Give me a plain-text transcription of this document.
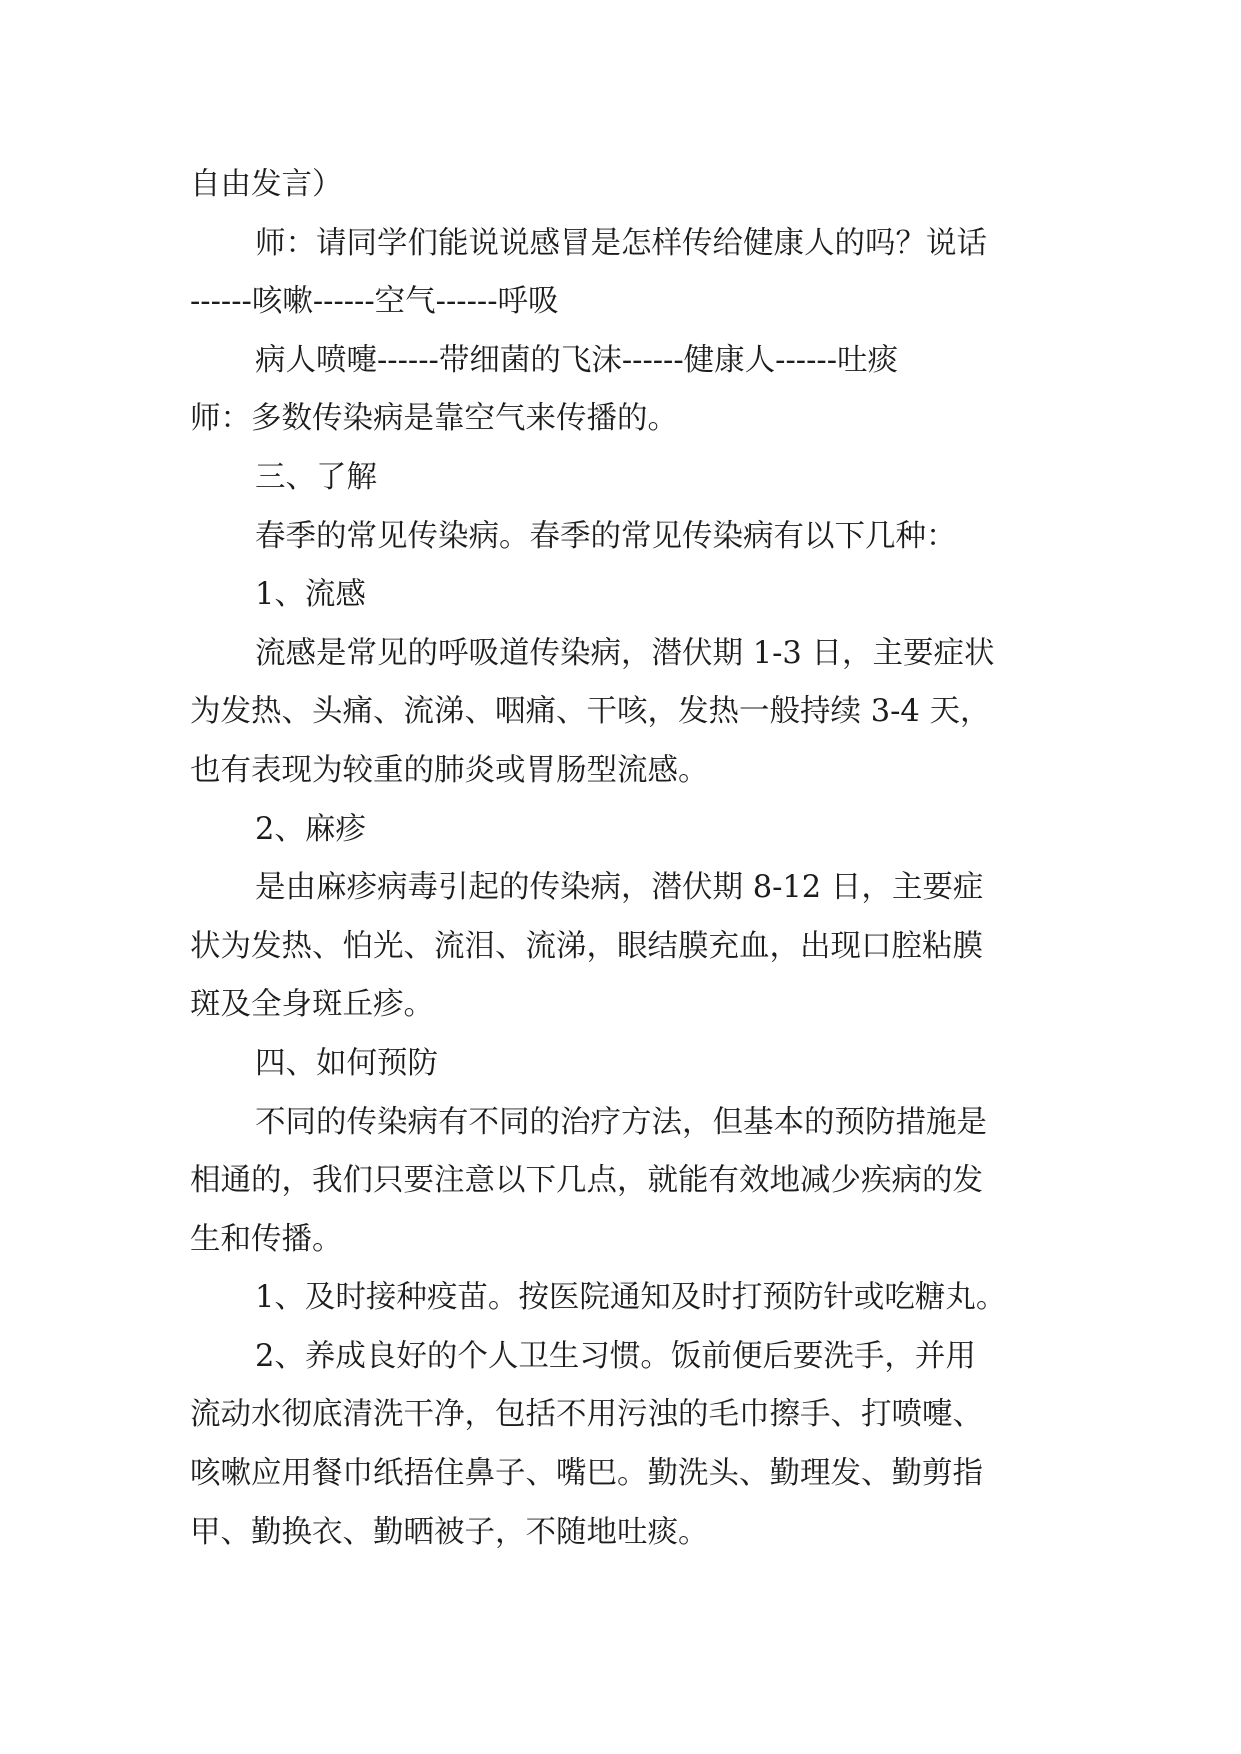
自由发言）
师：请同学们能说说感冒是怎样传给健康人的吗？说话
------咳嗽------空气------呼吸
病人喷嚏------带细菌的飞沫------健康人------吐痰
师：多数传染病是靠空气来传播的。
三、了解
春季的常见传染病。春季的常见传染病有以下几种：
1、流感
流感是常见的呼吸道传染病，潜伏期 1-3 日，主要症状
为发热、头痛、流涕、咽痛、干咳，发热一般持续 3-4 天，
也有表现为较重的肺炎或胃肠型流感。
2、麻疹
是由麻疹病毒引起的传染病，潜伏期 8-12 日，主要症
状为发热、怕光、流泪、流涕，眼结膜充血，出现口腔粘膜
斑及全身斑丘疹。
四、如何预防
不同的传染病有不同的治疗方法，但基本的预防措施是
相通的，我们只要注意以下几点，就能有效地减少疾病的发
生和传播。
1、及时接种疫苗。按医院通知及时打预防针或吃糖丸。
2、养成良好的个人卫生习惯。饭前便后要洗手，并用
流动水彻底清洗干净，包括不用污浊的毛巾擦手、打喷嚏、
咳嗽应用餐巾纸捂住鼻子、嘴巴。勤洗头、勤理发、勤剪指
甲、勤换衣、勤晒被子，不随地吐痰。
